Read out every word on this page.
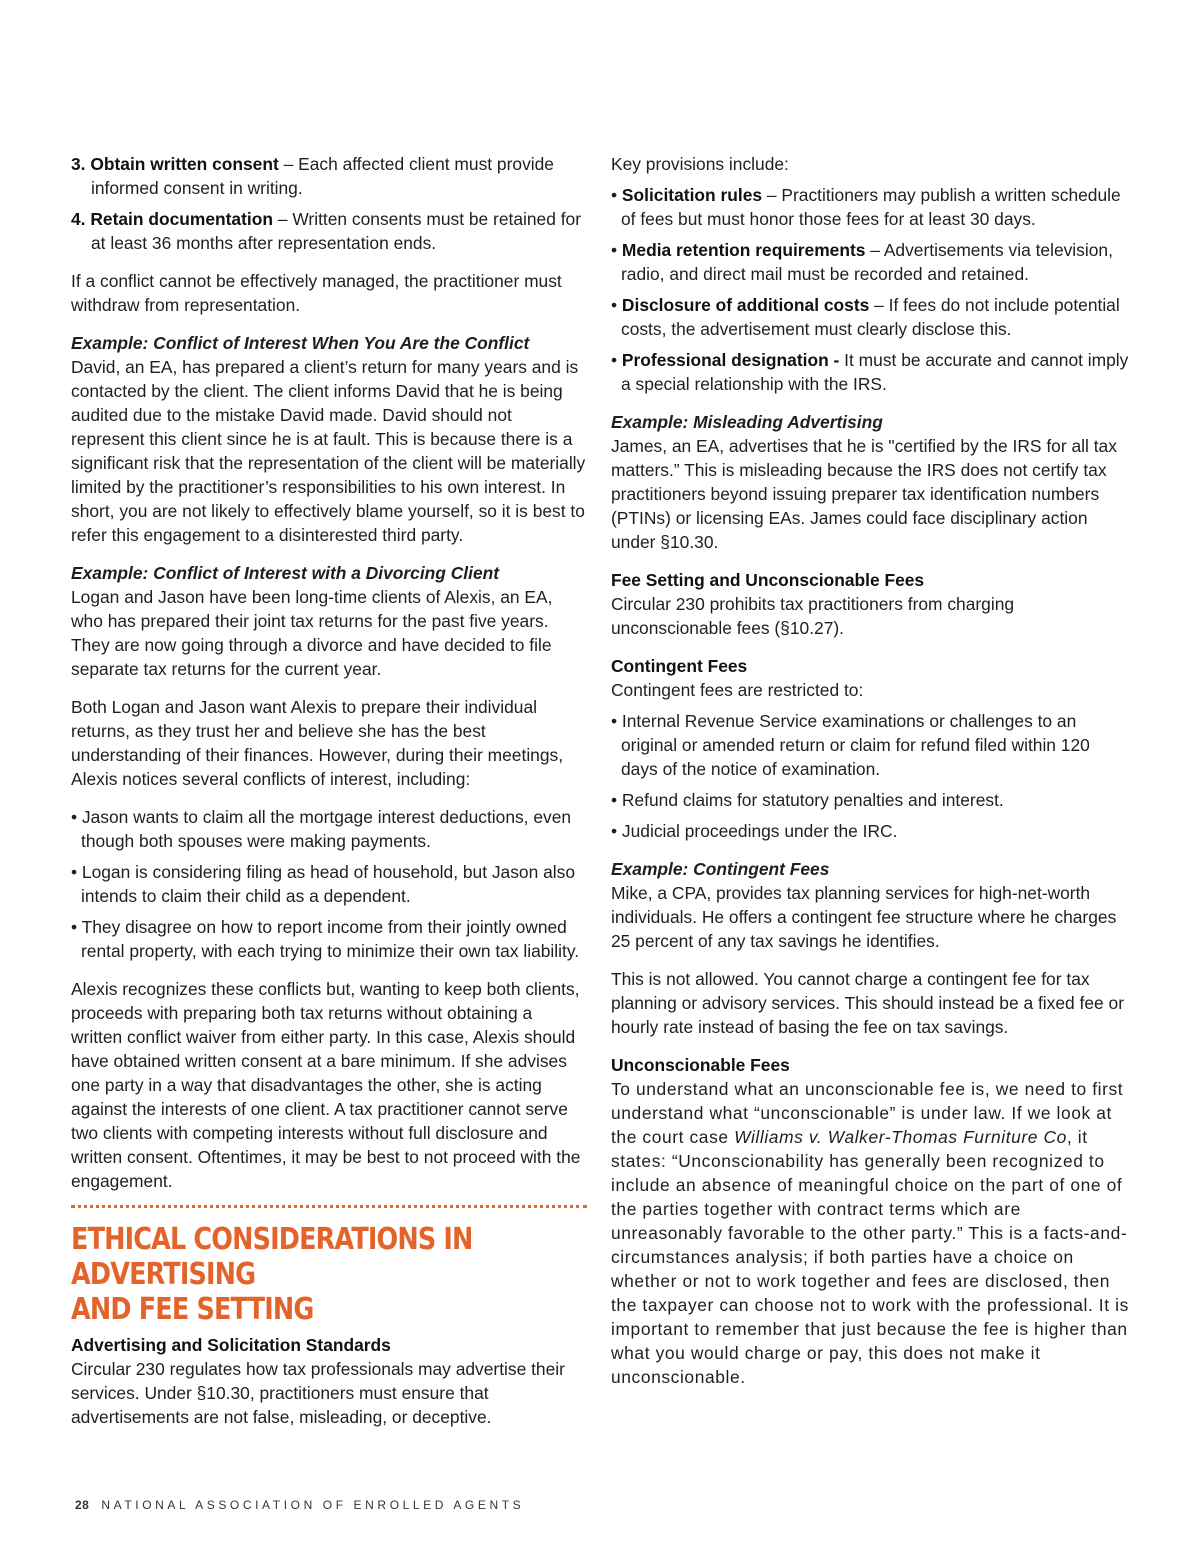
3. Obtain written consent – Each affected client must provide informed consent in writing.
4. Retain documentation – Written consents must be retained for at least 36 months after representation ends.

If a conflict cannot be effectively managed, the practitioner must withdraw from representation.

Example: Conflict of Interest When You Are the Conflict
David, an EA, has prepared a client’s return for many years and is contacted by the client. The client informs David that he is being audited due to the mistake David made. David should not represent this client since he is at fault. This is because there is a significant risk that the representation of the client will be materially limited by the practitioner’s responsibilities to his own interest. In short, you are not likely to effectively blame yourself, so it is best to refer this engagement to a disinterested third party.

Example: Conflict of Interest with a Divorcing Client
Logan and Jason have been long-time clients of Alexis, an EA, who has prepared their joint tax returns for the past five years. They are now going through a divorce and have decided to file separate tax returns for the current year.

Both Logan and Jason want Alexis to prepare their individual returns, as they trust her and believe she has the best understanding of their finances. However, during their meetings, Alexis notices several conflicts of interest, including:

• Jason wants to claim all the mortgage interest deductions, even though both spouses were making payments.
• Logan is considering filing as head of household, but Jason also intends to claim their child as a dependent.
• They disagree on how to report income from their jointly owned rental property, with each trying to minimize their own tax liability.

Alexis recognizes these conflicts but, wanting to keep both clients, proceeds with preparing both tax returns without obtaining a written conflict waiver from either party. In this case, Alexis should have obtained written consent at a bare minimum. If she advises one party in a way that disadvantages the other, she is acting against the interests of one client. A tax practitioner cannot serve two clients with competing interests without full disclosure and written consent. Oftentimes, it may be best to not proceed with the engagement.

ETHICAL CONSIDERATIONS IN ADVERTISING
AND FEE SETTING

Advertising and Solicitation Standards
Circular 230 regulates how tax professionals may advertise their services. Under §10.30, practitioners must ensure that advertisements are not false, misleading, or deceptive.

Key provisions include:

• Solicitation rules – Practitioners may publish a written schedule of fees but must honor those fees for at least 30 days.
• Media retention requirements – Advertisements via television, radio, and direct mail must be recorded and retained.
• Disclosure of additional costs – If fees do not include potential costs, the advertisement must clearly disclose this.
• Professional designation - It must be accurate and cannot imply a special relationship with the IRS.

Example: Misleading Advertising
James, an EA, advertises that he is "certified by the IRS for all tax matters.” This is misleading because the IRS does not certify tax practitioners beyond issuing preparer tax identification numbers (PTINs) or licensing EAs. James could face disciplinary action under §10.30.

Fee Setting and Unconscionable Fees
Circular 230 prohibits tax practitioners from charging unconscionable fees (§10.27).

Contingent Fees
Contingent fees are restricted to:

• Internal Revenue Service examinations or challenges to an original or amended return or claim for refund filed within 120 days of the notice of examination.
• Refund claims for statutory penalties and interest.
• Judicial proceedings under the IRC.

Example: Contingent Fees
Mike, a CPA, provides tax planning services for high-net-worth individuals. He offers a contingent fee structure where he charges 25 percent of any tax savings he identifies.

This is not allowed. You cannot charge a contingent fee for tax planning or advisory services. This should instead be a fixed fee or hourly rate instead of basing the fee on tax savings.

Unconscionable Fees
To understand what an unconscionable fee is, we need to first understand what “unconscionable” is under law. If we look at the court case Williams v. Walker-Thomas Furniture Co, it states: “Unconscionability has generally been recognized to include an absence of meaningful choice on the part of one of the parties together with contract terms which are unreasonably favorable to the other party.” This is a facts-and-circumstances analysis; if both parties have a choice on whether or not to work together and fees are disclosed, then the taxpayer can choose not to work with the professional. It is important to remember that just because the fee is higher than what you would charge or pay, this does not make it unconscionable.

28 NATIONAL ASSOCIATION OF ENROLLED AGENTS
